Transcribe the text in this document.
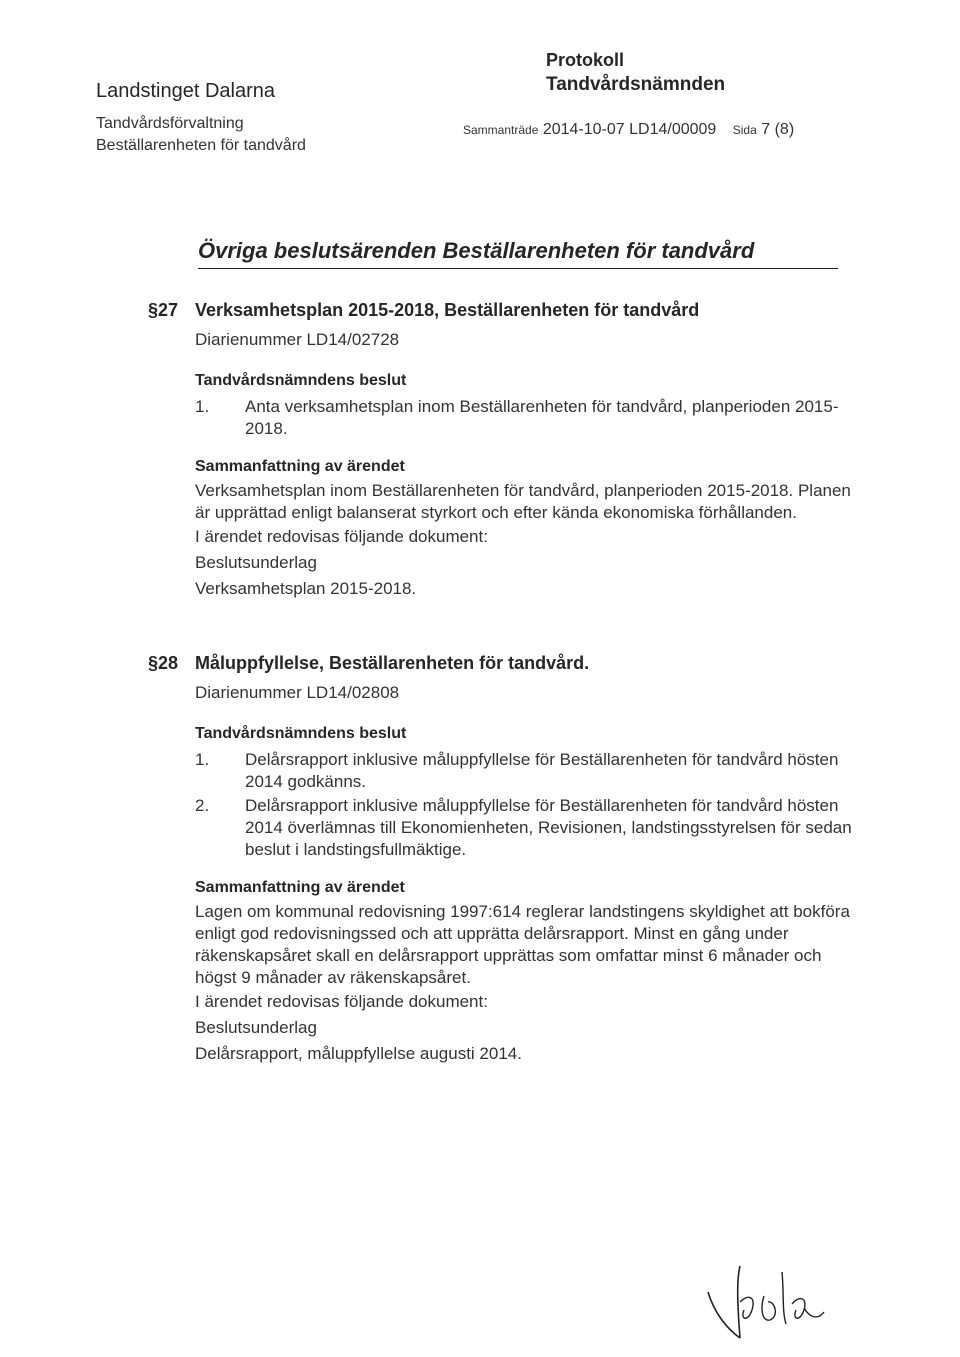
Landstinget Dalarna
Tandvårdsförvaltning
Beställarenheten för tandvård
Protokoll
Tandvårdsnämnden
Sammanträde 2014-10-07 LD14/00009 Sida 7 (8)
Övriga beslutsärenden Beställarenheten för tandvård
§27 Verksamhetsplan 2015-2018, Beställarenheten för tandvård
Diarienummer LD14/02728
Tandvårdsnämndens beslut
1. Anta verksamhetsplan inom Beställarenheten för tandvård, planperioden 2015-2018.
Sammanfattning av ärendet
Verksamhetsplan inom Beställarenheten för tandvård, planperioden 2015-2018. Planen är upprättad enligt balanserat styrkort och efter kända ekonomiska förhållanden.
I ärendet redovisas följande dokument:
Beslutsunderlag
Verksamhetsplan 2015-2018.
§28 Måluppfyllelse, Beställarenheten för tandvård.
Diarienummer LD14/02808
Tandvårdsnämndens beslut
1. Delårsrapport inklusive måluppfyllelse för Beställarenheten för tandvård hösten 2014 godkänns.
2. Delårsrapport inklusive måluppfyllelse för Beställarenheten för tandvård hösten 2014 överlämnas till Ekonomienheten, Revisionen, landstingsstyrelsen för sedan beslut i landstingsfullmäktige.
Sammanfattning av ärendet
Lagen om kommunal redovisning 1997:614 reglerar landstingens skyldighet att bokföra enligt god redovisningssed och att upprätta delårsrapport. Minst en gång under räkenskapsåret skall en delårsrapport upprättas som omfattar minst 6 månader och högst 9 månader av räkenskapsåret.
I ärendet redovisas följande dokument:
Beslutsunderlag
Delårsrapport, måluppfyllelse augusti 2014.
